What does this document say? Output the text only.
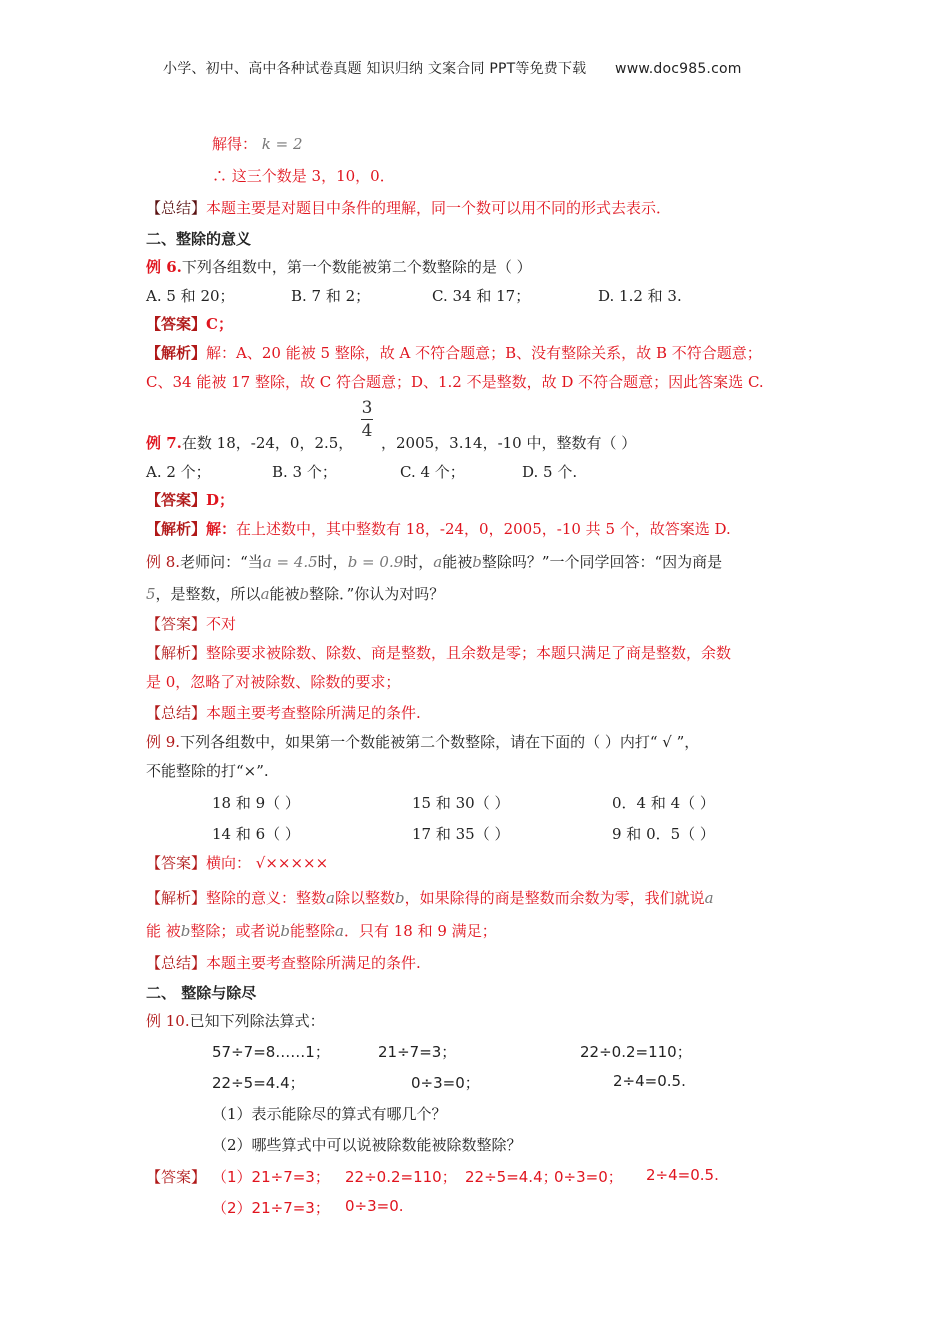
小学、初中、高中各种试卷真题 知识归纳 文案合同 PPT等免费下载 www.doc985.com
解得： k = 2
∴ 这三个数是 3，10，0．
【总结】本题主要是对题目中条件的理解，同一个数可以用不同的形式去表示．
二、整除的意义
例 6.下列各组数中，第一个数能被第二个数整除的是（ ）
A. 5 和 20；	B. 7 和 2；	C. 34 和 17；	D. 1.2 和 3.
【答案】C；
【解析】解：A、20 能被 5 整除，故 A 不符合题意；B、没有整除关系，故 B 不符合题意；
C、34 能被 17 整除，故 C 符合题意；D、1.2 不是整数，故 D 不符合题意；因此答案选 C.
3
4
例 7.在数 18，-24，0，2.5， ，2005，3.14，-10 中，整数有（ ）
A. 2 个；	B. 3 个；	C. 4 个；	D. 5 个.
【答案】D；
【解析】解：在上述数中，其中整数有 18，-24，0，2005，-10 共 5 个，故答案选 D.
例 8.老师问：“当a = 4.5时，b = 0.9时，a能被b整除吗？”一个同学回答：“因为商是
5，是整数，所以a能被b整除．”你认为对吗？
【答案】不对
【解析】整除要求被除数、除数、商是整数，且余数是零；本题只满足了商是整数，余数
是 0，忽略了对被除数、除数的要求；
【总结】本题主要考查整除所满足的条件.
例 9.下列各组数中，如果第一个数能被第二个数整除，请在下面的（ ）内打“ √ ”，
不能整除的打“×”.
18 和 9（ ）	15 和 30（ ）	0．4 和 4（ ）
14 和 6（ ）	17 和 35（ ）	9 和 0．5（ ）
【答案】横向： √×××××
【解析】整除的意义：整数a除以整数b，如果除得的商是整数而余数为零，我们就说a
能 被b整除；或者说b能整除a．只有 18 和 9 满足；
【总结】本题主要考查整除所满足的条件.
二、 整除与除尽
例 10.已知下列除法算式：
57÷7=8……1；	21÷7=3；	22÷0.2=110；
22÷5=4.4；	0÷3=0；	2÷4=0.5.
（1）表示能除尽的算式有哪几个？
（2）哪些算式中可以说被除数能被除数整除？
【答案】 （1）21÷7=3； 22÷0.2=110； 22÷5=4.4；
0÷3=0； 2÷4=0.5.
（2）21÷7=3； 0÷3=0.
